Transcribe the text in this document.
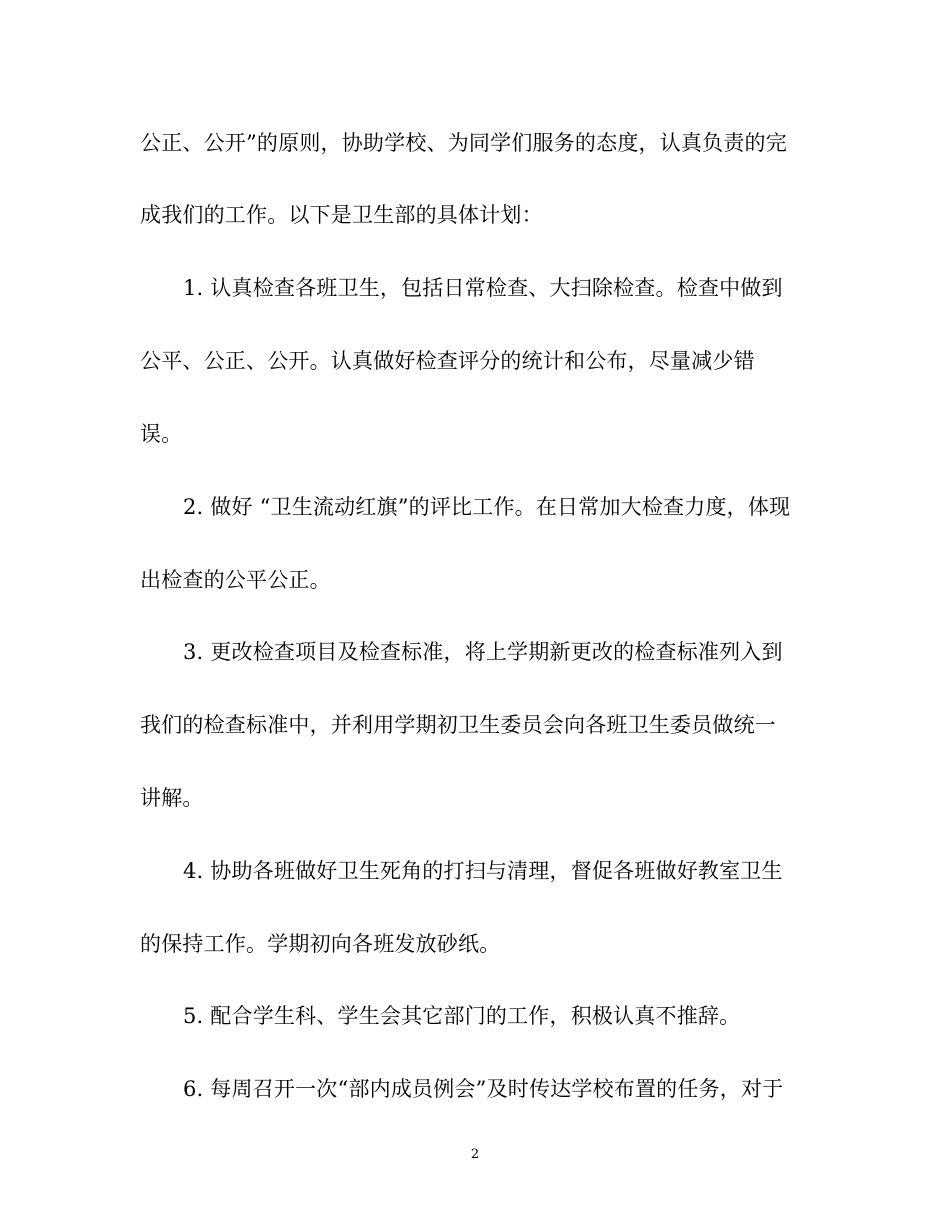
公正、公开”的原则，协助学校、为同学们服务的态度，认真负责的完
成我们的工作。以下是卫生部的具体计划：
1. 认真检查各班卫生，包括日常检查、大扫除检查。检查中做到
公平、公正、公开。认真做好检查评分的统计和公布，尽量减少错
误。
2. 做好 “卫生流动红旗”的评比工作。在日常加大检查力度，体现
出检查的公平公正。
3. 更改检查项目及检查标准，将上学期新更改的检查标准列入到
我们的检查标准中，并利用学期初卫生委员会向各班卫生委员做统一
讲解。
4. 协助各班做好卫生死角的打扫与清理，督促各班做好教室卫生
的保持工作。学期初向各班发放砂纸。
5. 配合学生科、学生会其它部门的工作，积极认真不推辞。
6. 每周召开一次“部内成员例会”及时传达学校布置的任务，对于
2
